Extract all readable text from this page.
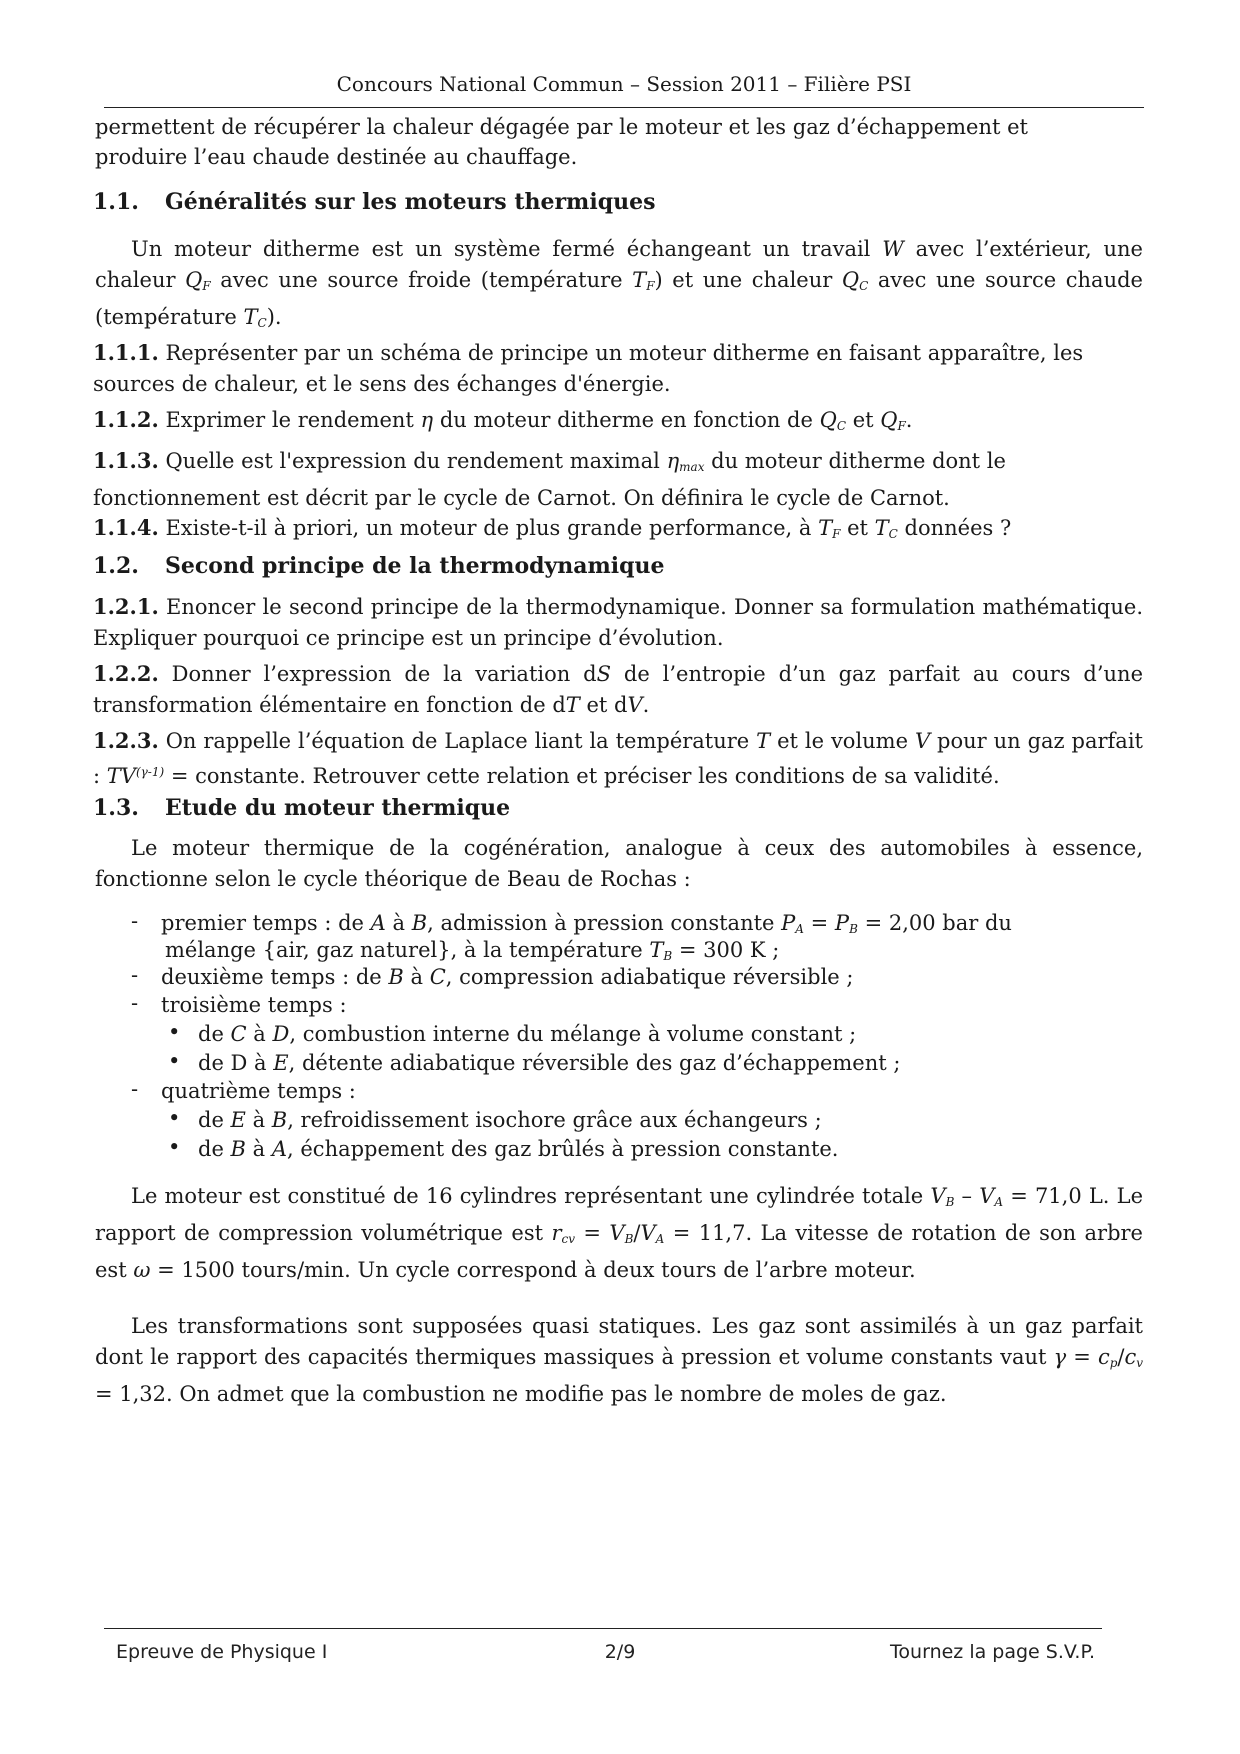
Concours National Commun – Session 2011 – Filière PSI
permettent de récupérer la chaleur dégagée par le moteur et les gaz d’échappement et
produire l’eau chaude destinée au chauffage.
1.1. Généralités sur les moteurs thermiques
Un moteur ditherme est un système fermé échangeant un travail W avec l’extérieur, une chaleur $Q_F$ avec une source froide (température $T_F$) et une chaleur $Q_C$ avec une source chaude (température $T_C$).
1.1.1. Représenter par un schéma de principe un moteur ditherme en faisant apparaître, les sources de chaleur, et le sens des échanges d'énergie.
1.1.2. Exprimer le rendement η du moteur ditherme en fonction de $Q_C$ et $Q_F$.
1.1.3. Quelle est l'expression du rendement maximal $\eta_{max}$ du moteur ditherme dont le fonctionnement est décrit par le cycle de Carnot. On définira le cycle de Carnot.
1.1.4. Existe-t-il à priori, un moteur de plus grande performance, à $T_F$ et $T_C$ données ?
1.2. Second principe de la thermodynamique
1.2.1. Enoncer le second principe de la thermodynamique. Donner sa formulation mathématique. Expliquer pourquoi ce principe est un principe d’évolution.
1.2.2. Donner l’expression de la variation dS de l’entropie d’un gaz parfait au cours d’une transformation élémentaire en fonction de dT et dV.
1.2.3. On rappelle l’équation de Laplace liant la température T et le volume V pour un gaz parfait : $TV^{(\gamma-1)}$ = constante. Retrouver cette relation et préciser les conditions de sa validité.
1.3. Etude du moteur thermique
Le moteur thermique de la cogénération, analogue à ceux des automobiles à essence, fonctionne selon le cycle théorique de Beau de Rochas :
- premier temps : de A à B, admission à pression constante $P_A = P_B = 2,00$ bar du
mélange {air, gaz naturel}, à la température $T_B = 300$ K ;
- deuxième temps : de B à C, compression adiabatique réversible ;
- troisième temps :
• de C à D, combustion interne du mélange à volume constant ;
• de D à E, détente adiabatique réversible des gaz d’échappement ;
- quatrième temps :
• de E à B, refroidissement isochore grâce aux échangeurs ;
• de B à A, échappement des gaz brûlés à pression constante.
Le moteur est constitué de 16 cylindres représentant une cylindrée totale $V_B - V_A = 71,0$ L. Le rapport de compression volumétrique est $r_{cv} = V_B/V_A = 11,7$. La vitesse de rotation de son arbre est ω = 1500 tours/min. Un cycle correspond à deux tours de l’arbre moteur.
Les transformations sont supposées quasi statiques. Les gaz sont assimilés à un gaz parfait dont le rapport des capacités thermiques massiques à pression et volume constants vaut $\gamma = c_p/c_v = 1,32$. On admet que la combustion ne modifie pas le nombre de moles de gaz.
Epreuve de Physique I	2/9	Tournez la page S.V.P.
